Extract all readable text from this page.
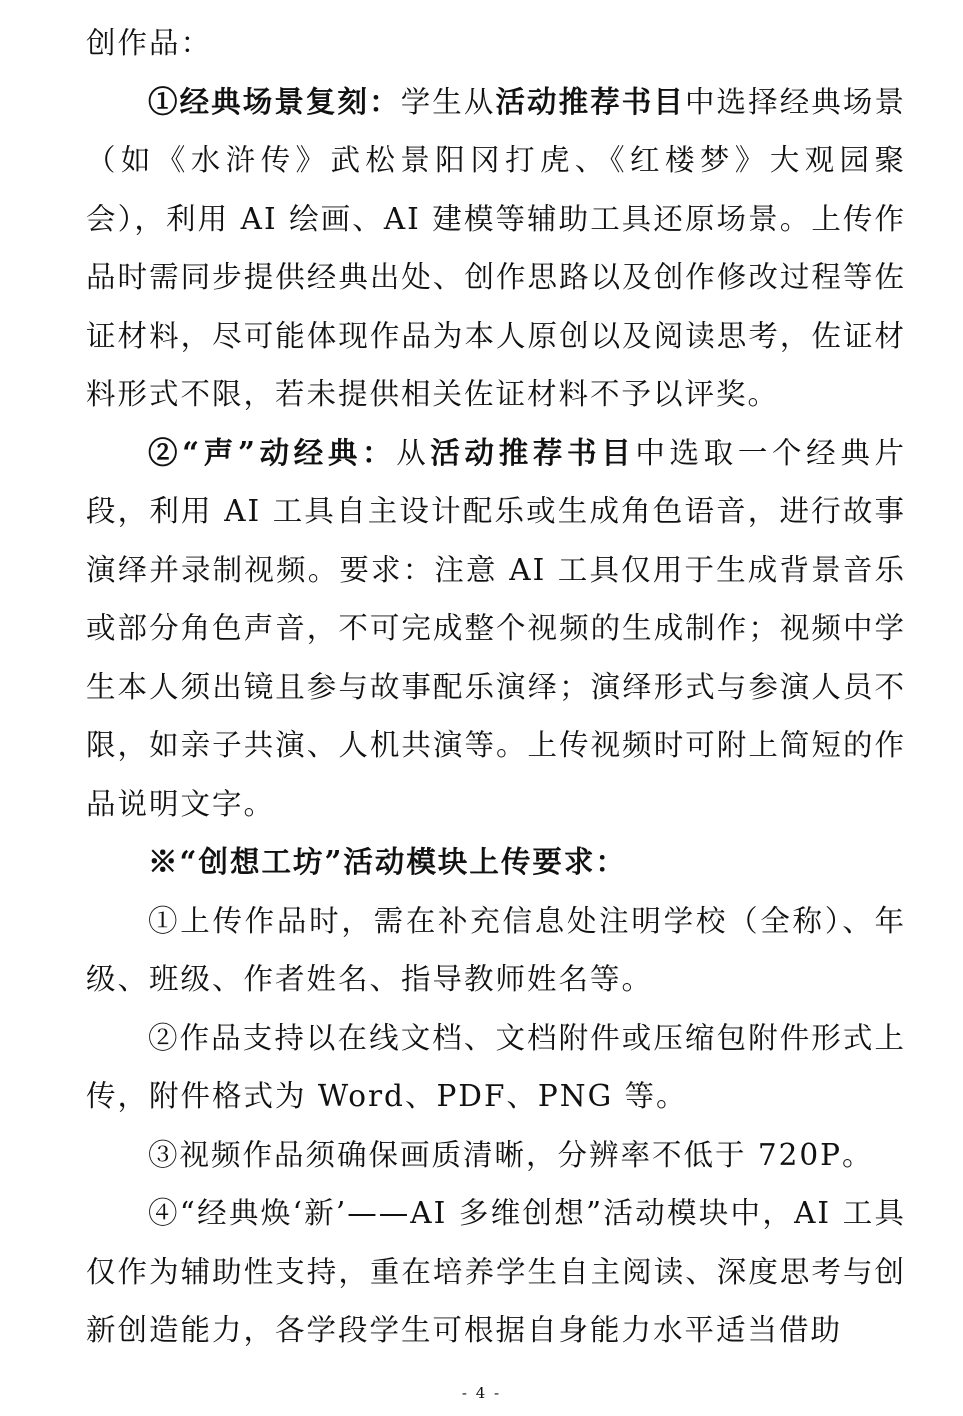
创作品：

①经典场景复刻：学生从活动推荐书目中选择经典场景（如《水浒传》武松景阳冈打虎、《红楼梦》大观园聚会），利用 AI 绘画、AI 建模等辅助工具还原场景。上传作品时需同步提供经典出处、创作思路以及创作修改过程等佐证材料，尽可能体现作品为本人原创以及阅读思考，佐证材料形式不限，若未提供相关佐证材料不予以评奖。

②“声”动经典：从活动推荐书目中选取一个经典片段，利用 AI 工具自主设计配乐或生成角色语音，进行故事演绎并录制视频。要求：注意 AI 工具仅用于生成背景音乐或部分角色声音，不可完成整个视频的生成制作；视频中学生本人须出镜且参与故事配乐演绎；演绎形式与参演人员不限，如亲子共演、人机共演等。上传视频时可附上简短的作品说明文字。

※“创想工坊”活动模块上传要求：

①上传作品时，需在补充信息处注明学校（全称）、年级、班级、作者姓名、指导教师姓名等。

②作品支持以在线文档、文档附件或压缩包附件形式上传，附件格式为 Word、PDF、PNG 等。

③视频作品须确保画质清晰，分辨率不低于 720P。

④“经典焕‘新’——AI 多维创想”活动模块中，AI 工具仅作为辅助性支持，重在培养学生自主阅读、深度思考与创新创造能力，各学段学生可根据自身能力水平适当借助

- 4 -
